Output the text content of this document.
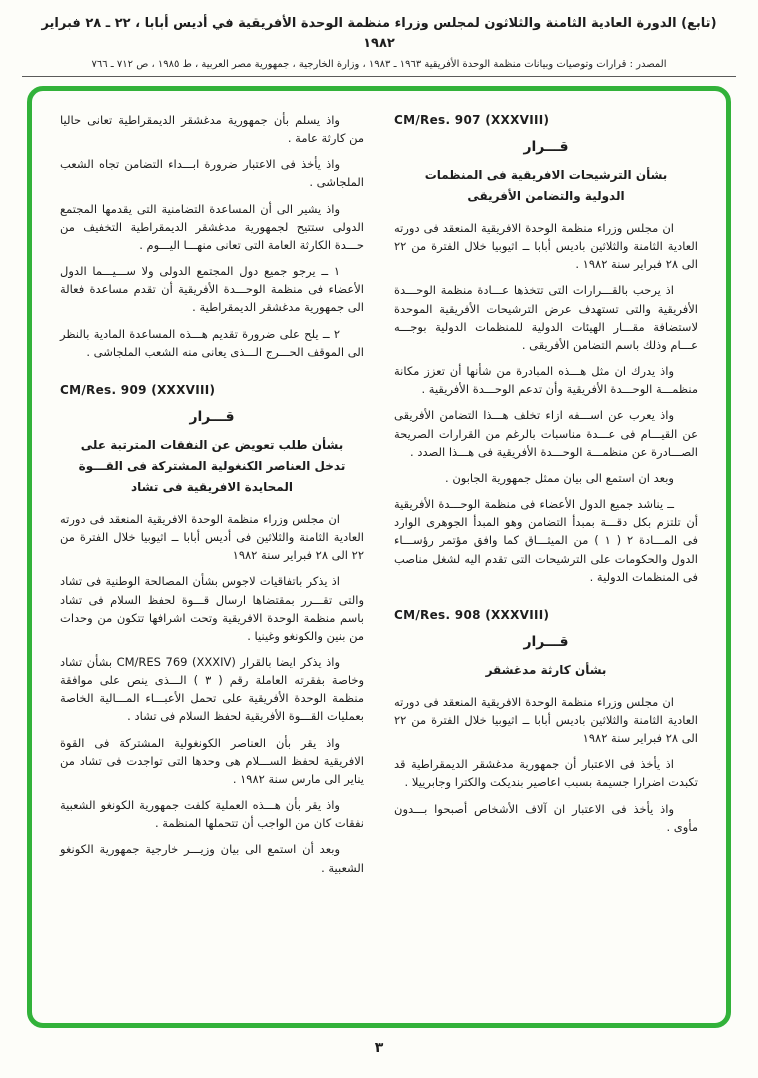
(تابع) الدورة العادية الثامنة والثلاثون لمجلس وزراء منظمة الوحدة الأفريقية في أديس أبابا ، ٢٢ ـ ٢٨ فبراير ١٩٨٢
المصدر : قرارات وتوصيات وبيانات منظمة الوحدة الأفريقية ١٩٦٣ ـ ١٩٨٣ ، وزارة الخارجية ، جمهورية مصر العربية ، ط ١٩٨٥ ، ص ٧١٢ ـ ٧٦٦
CM/Res. 907 (XXXVIII)
قـــرار
بشأن الترشيحات الافريقية فى المنظمات
الدولية والتضامن الأفريقى

ان مجلس وزراء منظمة الوحدة الافريقية المنعقد فى دورته العادية الثامنة والثلاثين باديس أبابا ــ اثيوبيا خلال الفترة من ٢٢ الى ٢٨ فبراير سنة ١٩٨٢ .

اذ يرحب بالقـــرارات التى تتخذها عـــادة منظمة الوحـــدة الأفريقية والتى تستهدف عرض الترشيحات الأفريقية الموحدة لاستضافة مقـــار الهيئات الدولية للمنظمات الدولية بوجـــه عـــام وذلك باسم التضامن الأفريقى .

واذ يدرك ان مثل هـــذه المبادرة من شأنها أن تعزز مكانة منظمـــة الوحـــدة الأفريقية وأن تدعم الوحـــدة الأفريقية .

واذ يعرب عن اســـفه ازاء تخلف هـــذا التضامن الأفريقى عن القيـــام فى عـــدة مناسبات بالرغم من القرارات الصريحة الصـــادرة عن منظمـــة الوحـــدة الأفريقية فى هـــذا الصدد .

وبعد ان استمع الى بيان ممثل جمهورية الجابون .

ــ يناشد جميع الدول الأعضاء فى منظمة الوحـــدة الأفريقية أن تلتزم بكل دقـــة بمبدأ التضامن وهو المبدأ الجوهرى الوارد فى المـــادة ٢ ( ١ ) من الميثـــاق كما وافق مؤتمر رؤســـاء الدول والحكومات على الترشيحات التى تقدم اليه لشغل مناصب فى المنظمات الدولية .

CM/Res. 908 (XXXVIII)
قـــرار
بشأن كارثة مدغشقر

ان مجلس وزراء منظمة الوحدة الافريقية المنعقد فى دورته العادية الثامنة والثلاثين باديس أبابا ــ اثيوبيا خلال الفترة من ٢٢ الى ٢٨ فبراير سنة ١٩٨٢

اذ يأخذ فى الاعتبار أن جمهورية مدغشقر الديمقراطية قد تكبدت اضرارا جسيمة بسبب اعاصير بنديكت والكترا وجابرييلا .

واذ يأخذ فى الاعتبار ان آلاف الأشخاص أصبحوا بـــدون مأوى .

واذ يسلم بأن جمهورية مدغشقر الديمقراطية تعانى حاليا من كارثة عامة .

واذ يأخذ فى الاعتبار ضرورة ابـــداء التضامن تجاه الشعب الملجاشى .

واذ يشير الى أن المساعدة التضامنية التى يقدمها المجتمع الدولى ستتيح لجمهورية مدغشقر الديمقراطية التخفيف من حـــدة الكارثة العامة التى تعانى منهـــا اليـــوم .

١ ــ يرجو جميع دول المجتمع الدولى ولا ســـيـــما الدول الأعضاء فى منظمة الوحـــدة الأفريقية أن تقدم مساعدة فعالة الى جمهورية مدغشقر الديمقراطية .

٢ ــ يلح على ضرورة تقديم هـــذه المساعدة المادية بالنظر الى الموقف الحـــرج الـــذى يعانى منه الشعب الملجاشى .

CM/Res. 909 (XXXVIII)
قـــرار
بشأن طلب تعويض عن النفقات المترتبة على
تدخل العناصر الكنغولية المشتركة فى القـــوة
المحايدة الافريقية فى تشاد

ان مجلس وزراء منظمة الوحدة الافريقية المنعقد فى دورته العادية الثامنة والثلاثين فى أديس أبابا ــ اثيوبيا خلال الفترة من ٢٢ الى ٢٨ فبراير سنة ١٩٨٢

اذ يذكر باتفاقيات لاجوس بشأن المصالحة الوطنية فى تشاد والتى تقـــرر بمقتضاها ارسال قـــوة لحفظ السلام فى تشاد باسم منظمة الوحدة الافريقية وتحت اشرافها تتكون من وحدات من بنين والكونغو وغينيا .

واذ يذكر ايضا بالقرار CM/RES 769 (XXXIV) بشأن تشاد وخاصة بفقرته العاملة رقم ( ٣ ) الـــذى ينص على موافقة منظمة الوحدة الأفريقية على تحمل الأعبـــاء المـــالية الخاصة بعمليات القـــوة الأفريقية لحفظ السلام فى تشاد .

واذ يقر بأن العناصر الكونغولية المشتركة فى القوة الافريقية لحفظ الســـلام هى وحدها التى تواجدت فى تشاد من يناير الى مارس سنة ١٩٨٢ .

واذ يقر بأن هـــذه العملية كلفت جمهورية الكونغو الشعبية نفقات كان من الواجب أن تتحملها المنظمة .

وبعد أن استمع الى بيان وزيـــر خارجية جمهورية الكونغو الشعبية .

٣
